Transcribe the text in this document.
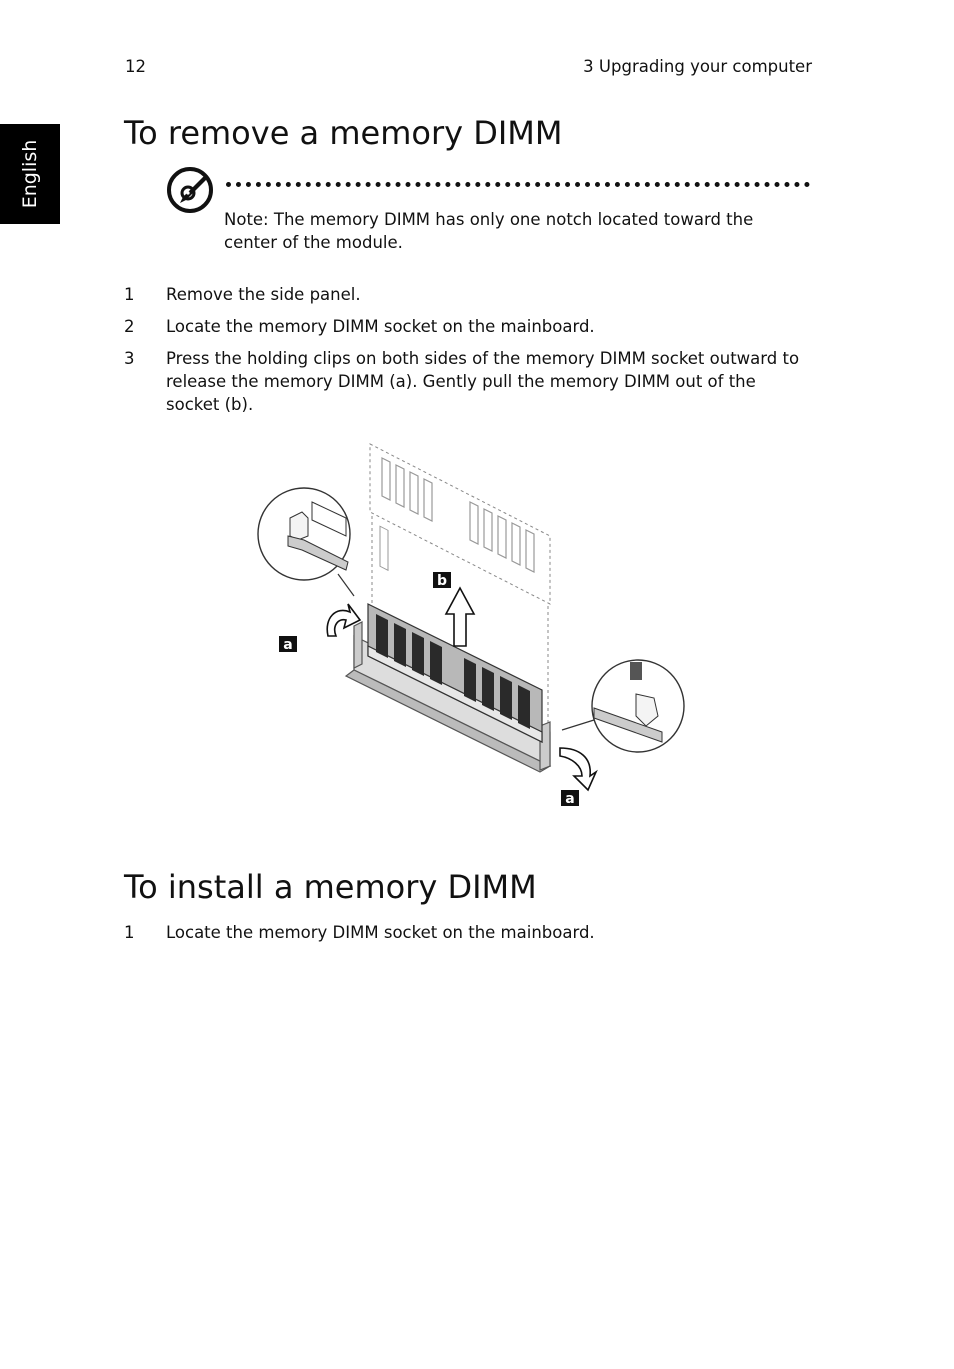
12	3 Upgrading your computer
English
To remove a memory DIMM
Note: The memory DIMM has only one notch located toward the center of the module.
1 Remove the side panel.
2 Locate the memory DIMM socket on the mainboard.
3 Press the holding clips on both sides of the memory DIMM socket outward to release the memory DIMM (a). Gently pull the memory DIMM out of the socket (b).
b
a
a
To install a memory DIMM
1 Locate the memory DIMM socket on the mainboard.
